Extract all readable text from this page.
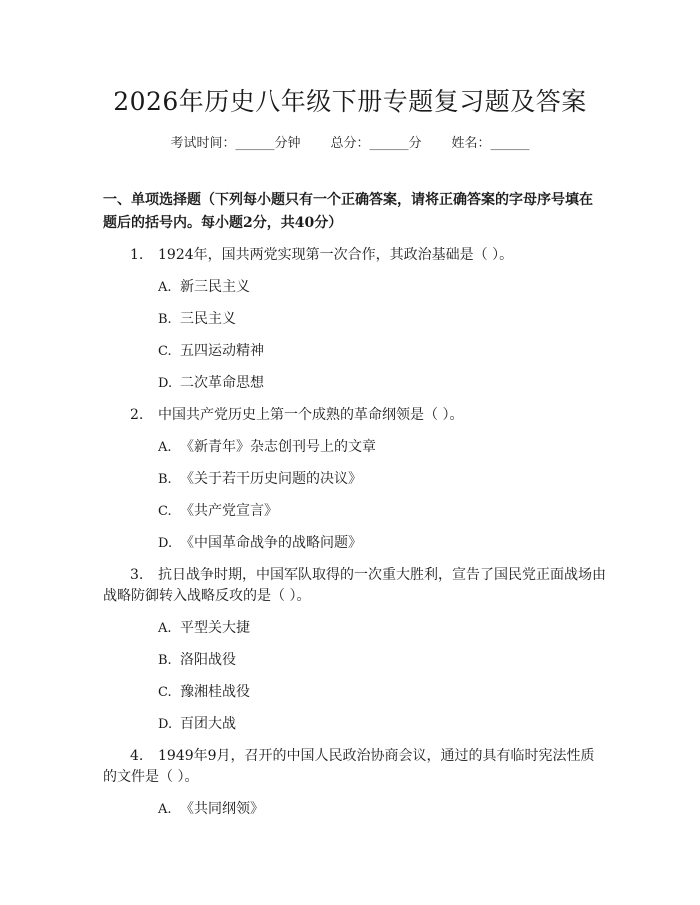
2026年历史八年级下册专题复习题及答案
考试时间：______分钟 总分：______分 姓名：______
一、单项选择题（下列每小题只有一个正确答案，请将正确答案的字母序号填在题后的括号内。每小题2分，共40分）
1. 1924年，国共两党实现第一次合作，其政治基础是（ ）。
A. 新三民主义
B. 三民主义
C. 五四运动精神
D. 二次革命思想
2. 中国共产党历史上第一个成熟的革命纲领是（ ）。
A. 《新青年》杂志创刊号上的文章
B. 《关于若干历史问题的决议》
C. 《共产党宣言》
D. 《中国革命战争的战略问题》
3. 抗日战争时期，中国军队取得的一次重大胜利，宣告了国民党正面战场由
战略防御转入战略反攻的是（ ）。
A. 平型关大捷
B. 洛阳战役
C. 豫湘桂战役
D. 百团大战
4. 1949年9月，召开的中国人民政治协商会议，通过的具有临时宪法性质
的文件是（ ）。
A. 《共同纲领》
